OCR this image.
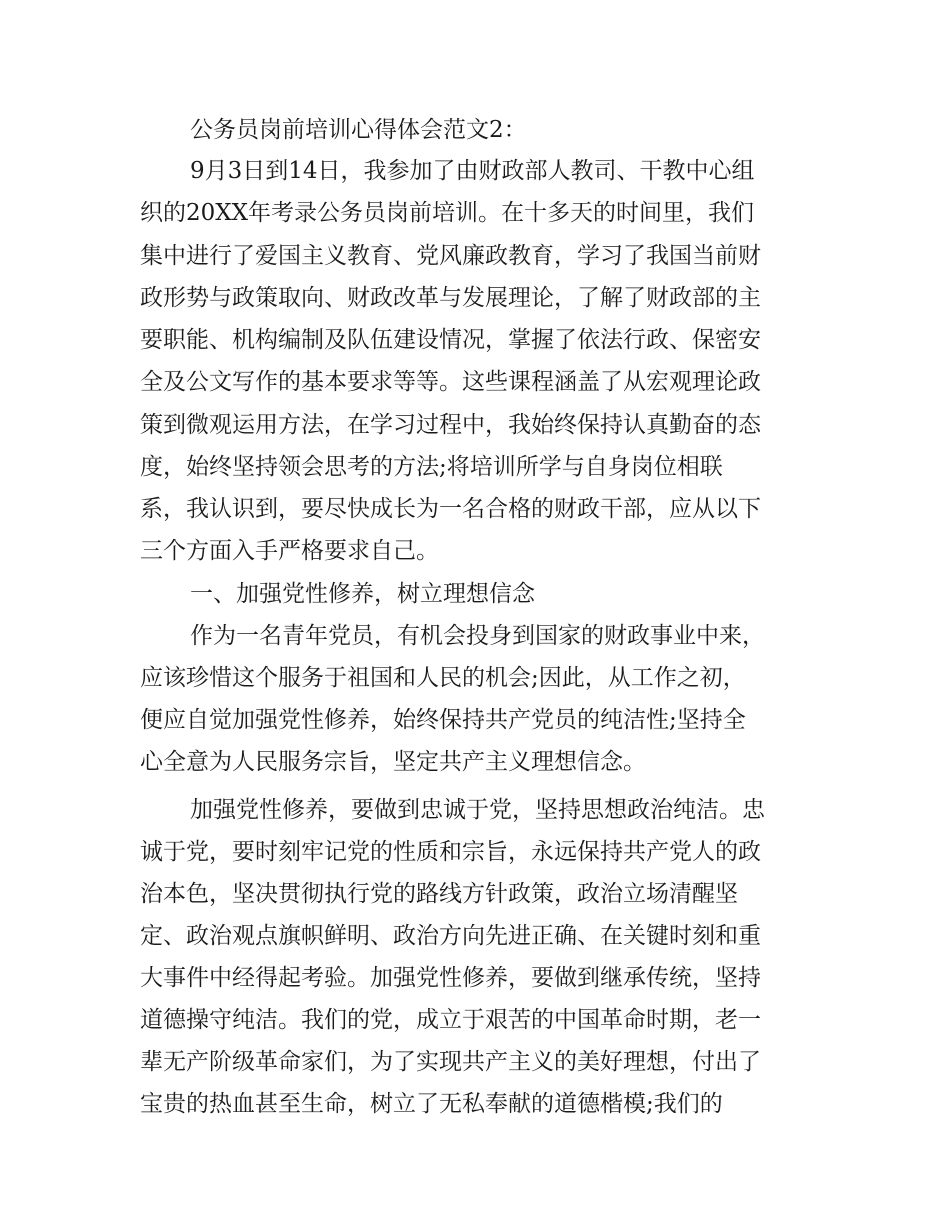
公务员岗前培训心得体会范文2：
9月3日到14日，我参加了由财政部人教司、干教中心组
织的20XX年考录公务员岗前培训。在十多天的时间里，我们
集中进行了爱国主义教育、党风廉政教育，学习了我国当前财
政形势与政策取向、财政改革与发展理论，了解了财政部的主
要职能、机构编制及队伍建设情况，掌握了依法行政、保密安
全及公文写作的基本要求等等。这些课程涵盖了从宏观理论政
策到微观运用方法，在学习过程中，我始终保持认真勤奋的态
度，始终坚持领会思考的方法;将培训所学与自身岗位相联
系，我认识到，要尽快成长为一名合格的财政干部，应从以下
三个方面入手严格要求自己。
一、加强党性修养，树立理想信念
作为一名青年党员，有机会投身到国家的财政事业中来，
应该珍惜这个服务于祖国和人民的机会;因此，从工作之初，
便应自觉加强党性修养，始终保持共产党员的纯洁性;坚持全
心全意为人民服务宗旨，坚定共产主义理想信念。
加强党性修养，要做到忠诚于党，坚持思想政治纯洁。忠
诚于党，要时刻牢记党的性质和宗旨，永远保持共产党人的政
治本色，坚决贯彻执行党的路线方针政策，政治立场清醒坚
定、政治观点旗帜鲜明、政治方向先进正确、在关键时刻和重
大事件中经得起考验。加强党性修养，要做到继承传统，坚持
道德操守纯洁。我们的党，成立于艰苦的中国革命时期，老一
辈无产阶级革命家们，为了实现共产主义的美好理想，付出了
宝贵的热血甚至生命，树立了无私奉献的道德楷模;我们的
